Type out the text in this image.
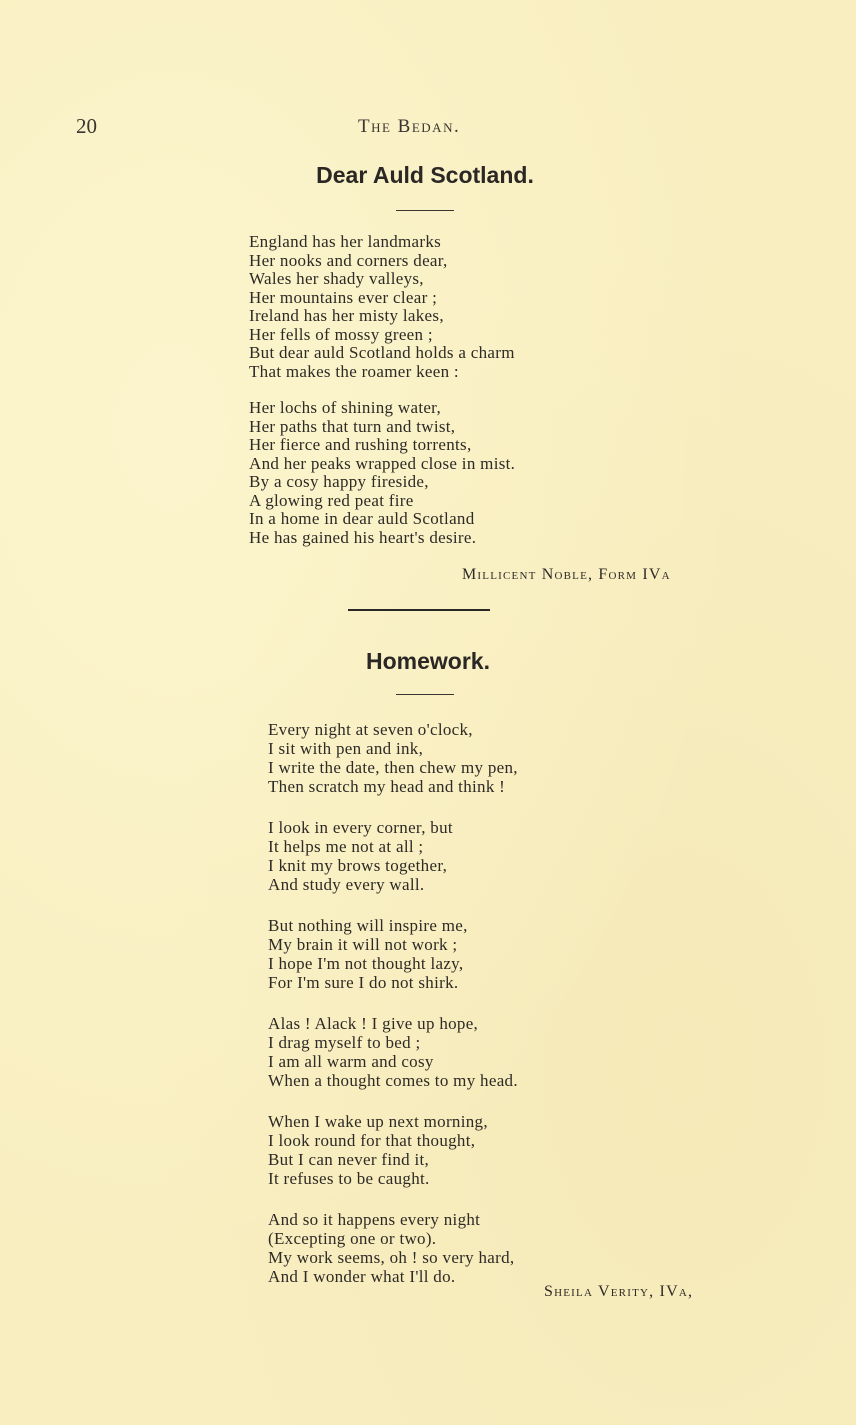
20	The Bedan.
Dear Auld Scotland.
England has her landmarks
Her nooks and corners dear,
Wales her shady valleys,
Her mountains ever clear ;
Ireland has her misty lakes,
Her fells of mossy green ;
But dear auld Scotland holds a charm
That makes the roamer keen :
Her lochs of shining water,
Her paths that turn and twist,
Her fierce and rushing torrents,
And her peaks wrapped close in mist.
By a cosy happy fireside,
A glowing red peat fire
In a home in dear auld Scotland
He has gained his heart's desire.
Millicent Noble, Form IVa
Homework.
Every night at seven o'clock,
I sit with pen and ink,
I write the date, then chew my pen,
Then scratch my head and think !
I look in every corner, but
It helps me not at all ;
I knit my brows together,
And study every wall.
But nothing will inspire me,
My brain it will not work ;
I hope I'm not thought lazy,
For I'm sure I do not shirk.
Alas ! Alack ! I give up hope,
I drag myself to bed ;
I am all warm and cosy
When a thought comes to my head.
When I wake up next morning,
I look round for that thought,
But I can never find it,
It refuses to be caught.
And so it happens every night
(Excepting one or two).
My work seems, oh ! so very hard,
And I wonder what I'll do.
Sheila Verity, IVa,
